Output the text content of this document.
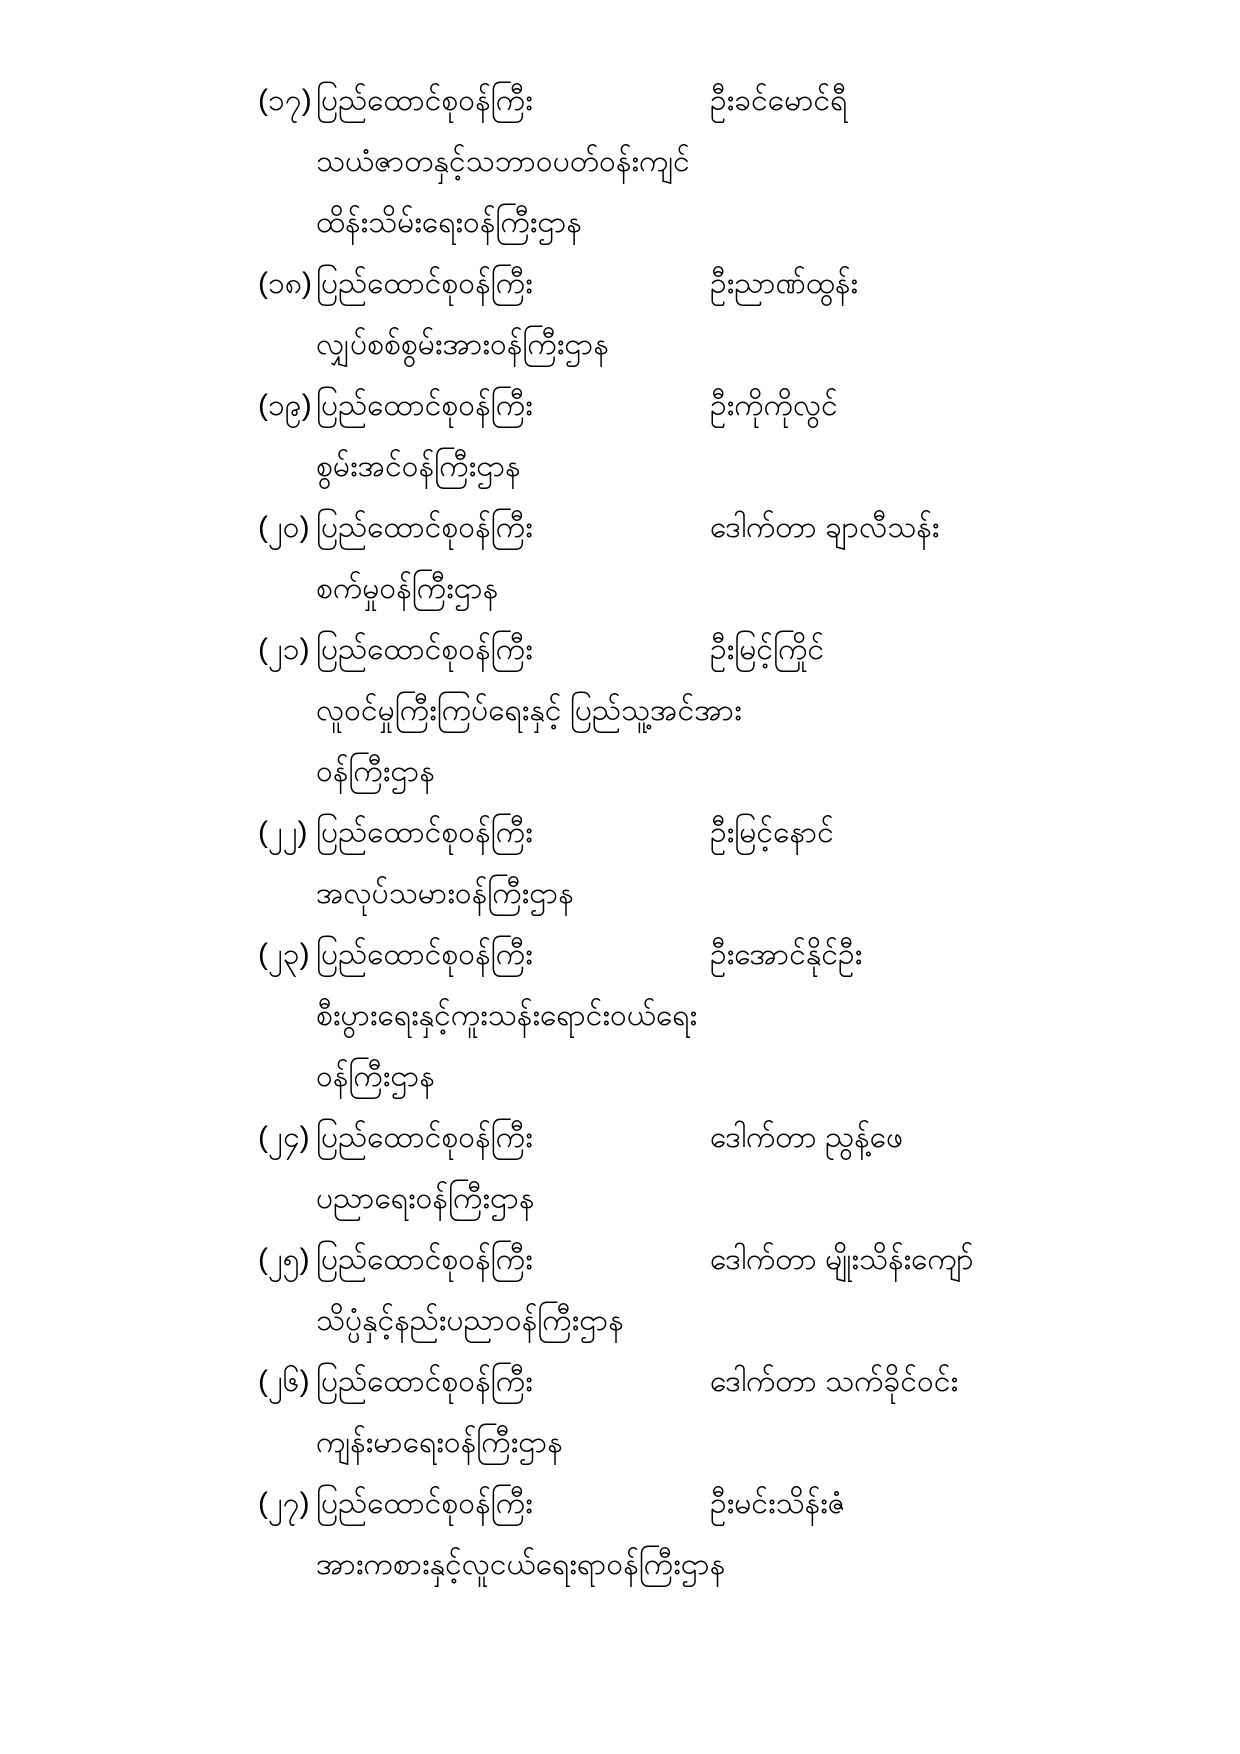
(၁၇) ပြည်ထောင်စုဝန်ကြီး	ဦးခင်မောင်ရီ
သယံဇာတနှင့်သဘာဝပတ်ဝန်းကျင်
ထိန်းသိမ်းရေးဝန်ကြီးဌာန
(၁၈) ပြည်ထောင်စုဝန်ကြီး	ဦးညာဏ်ထွန်း
လျှပ်စစ်စွမ်းအားဝန်ကြီးဌာန
(၁၉) ပြည်ထောင်စုဝန်ကြီး	ဦးကိုကိုလွင်
စွမ်းအင်ဝန်ကြီးဌာန
(၂၀) ပြည်ထောင်စုဝန်ကြီး	ဒေါက်တာ ချာလီသန်း
စက်မှုဝန်ကြီးဌာန
(၂၁) ပြည်ထောင်စုဝန်ကြီး	ဦးမြင့်ကြိုင်
လူဝင်မှုကြီးကြပ်ရေးနှင့် ပြည်သူ့အင်အား
ဝန်ကြီးဌာန
(၂၂) ပြည်ထောင်စုဝန်ကြီး	ဦးမြင့်နောင်
အလုပ်သမားဝန်ကြီးဌာန
(၂၃) ပြည်ထောင်စုဝန်ကြီး	ဦးအောင်နိုင်ဦး
စီးပွားရေးနှင့်ကူးသန်းရောင်းဝယ်ရေး
ဝန်ကြီးဌာန
(၂၄) ပြည်ထောင်စုဝန်ကြီး	ဒေါက်တာ ညွန့်ဖေ
ပညာရေးဝန်ကြီးဌာန
(၂၅) ပြည်ထောင်စုဝန်ကြီး	ဒေါက်တာ မျိုးသိန်းကျော်
သိပ္ပံနှင့်နည်းပညာဝန်ကြီးဌာန
(၂၆) ပြည်ထောင်စုဝန်ကြီး	ဒေါက်တာ သက်ခိုင်ဝင်း
ကျန်းမာရေးဝန်ကြီးဌာန
(၂၇) ပြည်ထောင်စုဝန်ကြီး	ဦးမင်းသိန်းဇံ
အားကစားနှင့်လူငယ်ရေးရာဝန်ကြီးဌာန
